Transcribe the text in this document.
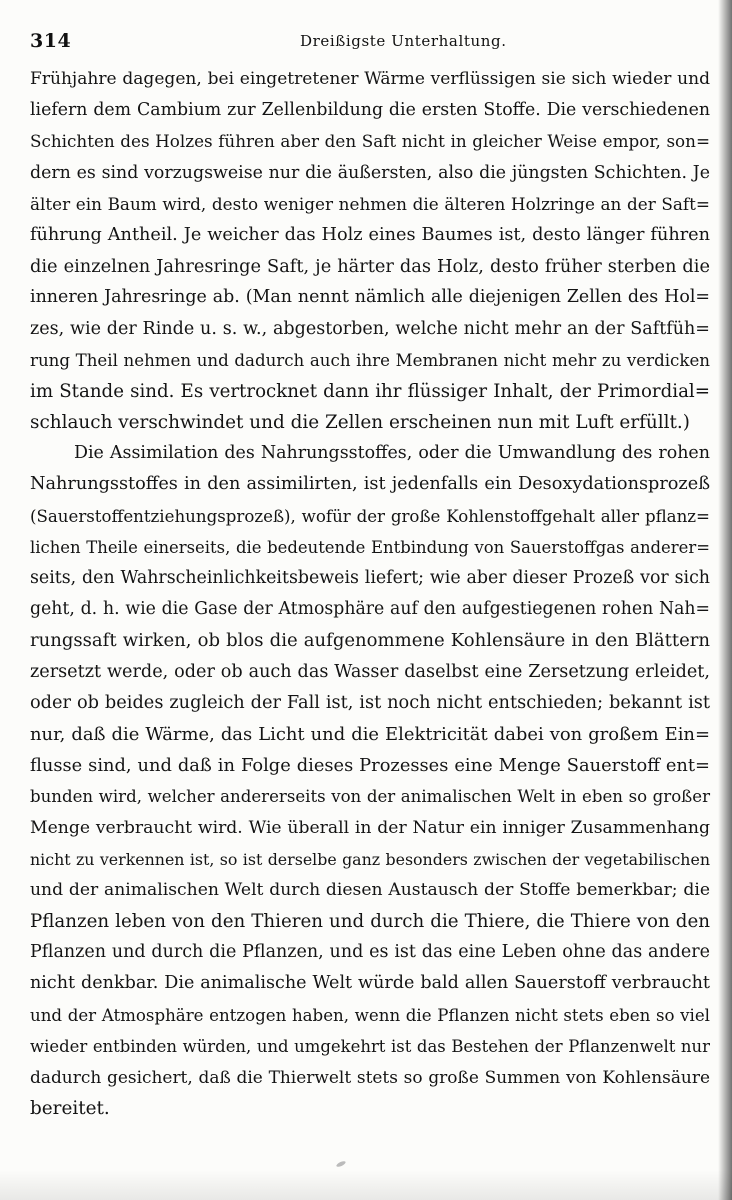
314	Dreißigste Unterhaltung.
Frühjahre dagegen, bei eingetretener Wärme verflüssigen sie sich wieder und
liefern dem Cambium zur Zellenbildung die ersten Stoffe. Die verschiedenen
Schichten des Holzes führen aber den Saft nicht in gleicher Weise empor, son=
dern es sind vorzugsweise nur die äußersten, also die jüngsten Schichten. Je
älter ein Baum wird, desto weniger nehmen die älteren Holzringe an der Saft=
führung Antheil. Je weicher das Holz eines Baumes ist, desto länger führen
die einzelnen Jahresringe Saft, je härter das Holz, desto früher sterben die
inneren Jahresringe ab. (Man nennt nämlich alle diejenigen Zellen des Hol=
zes, wie der Rinde u. s. w., abgestorben, welche nicht mehr an der Saftfüh=
rung Theil nehmen und dadurch auch ihre Membranen nicht mehr zu verdicken
im Stande sind. Es vertrocknet dann ihr flüssiger Inhalt, der Primordial=
schlauch verschwindet und die Zellen erscheinen nun mit Luft erfüllt.)
Die Assimilation des Nahrungsstoffes, oder die Umwandlung des rohen
Nahrungsstoffes in den assimilirten, ist jedenfalls ein Desoxydationsprozeß
(Sauerstoffentziehungsprozeß), wofür der große Kohlenstoffgehalt aller pflanz=
lichen Theile einerseits, die bedeutende Entbindung von Sauerstoffgas anderer=
seits, den Wahrscheinlichkeitsbeweis liefert; wie aber dieser Prozeß vor sich
geht, d. h. wie die Gase der Atmosphäre auf den aufgestiegenen rohen Nah=
rungssaft wirken, ob blos die aufgenommene Kohlensäure in den Blättern
zersetzt werde, oder ob auch das Wasser daselbst eine Zersetzung erleidet,
oder ob beides zugleich der Fall ist, ist noch nicht entschieden; bekannt ist
nur, daß die Wärme, das Licht und die Elektricität dabei von großem Ein=
flusse sind, und daß in Folge dieses Prozesses eine Menge Sauerstoff ent=
bunden wird, welcher andererseits von der animalischen Welt in eben so großer
Menge verbraucht wird. Wie überall in der Natur ein inniger Zusammenhang
nicht zu verkennen ist, so ist derselbe ganz besonders zwischen der vegetabilischen
und der animalischen Welt durch diesen Austausch der Stoffe bemerkbar; die
Pflanzen leben von den Thieren und durch die Thiere, die Thiere von den
Pflanzen und durch die Pflanzen, und es ist das eine Leben ohne das andere
nicht denkbar. Die animalische Welt würde bald allen Sauerstoff verbraucht
und der Atmosphäre entzogen haben, wenn die Pflanzen nicht stets eben so viel
wieder entbinden würden, und umgekehrt ist das Bestehen der Pflanzenwelt nur
dadurch gesichert, daß die Thierwelt stets so große Summen von Kohlensäure
bereitet.
